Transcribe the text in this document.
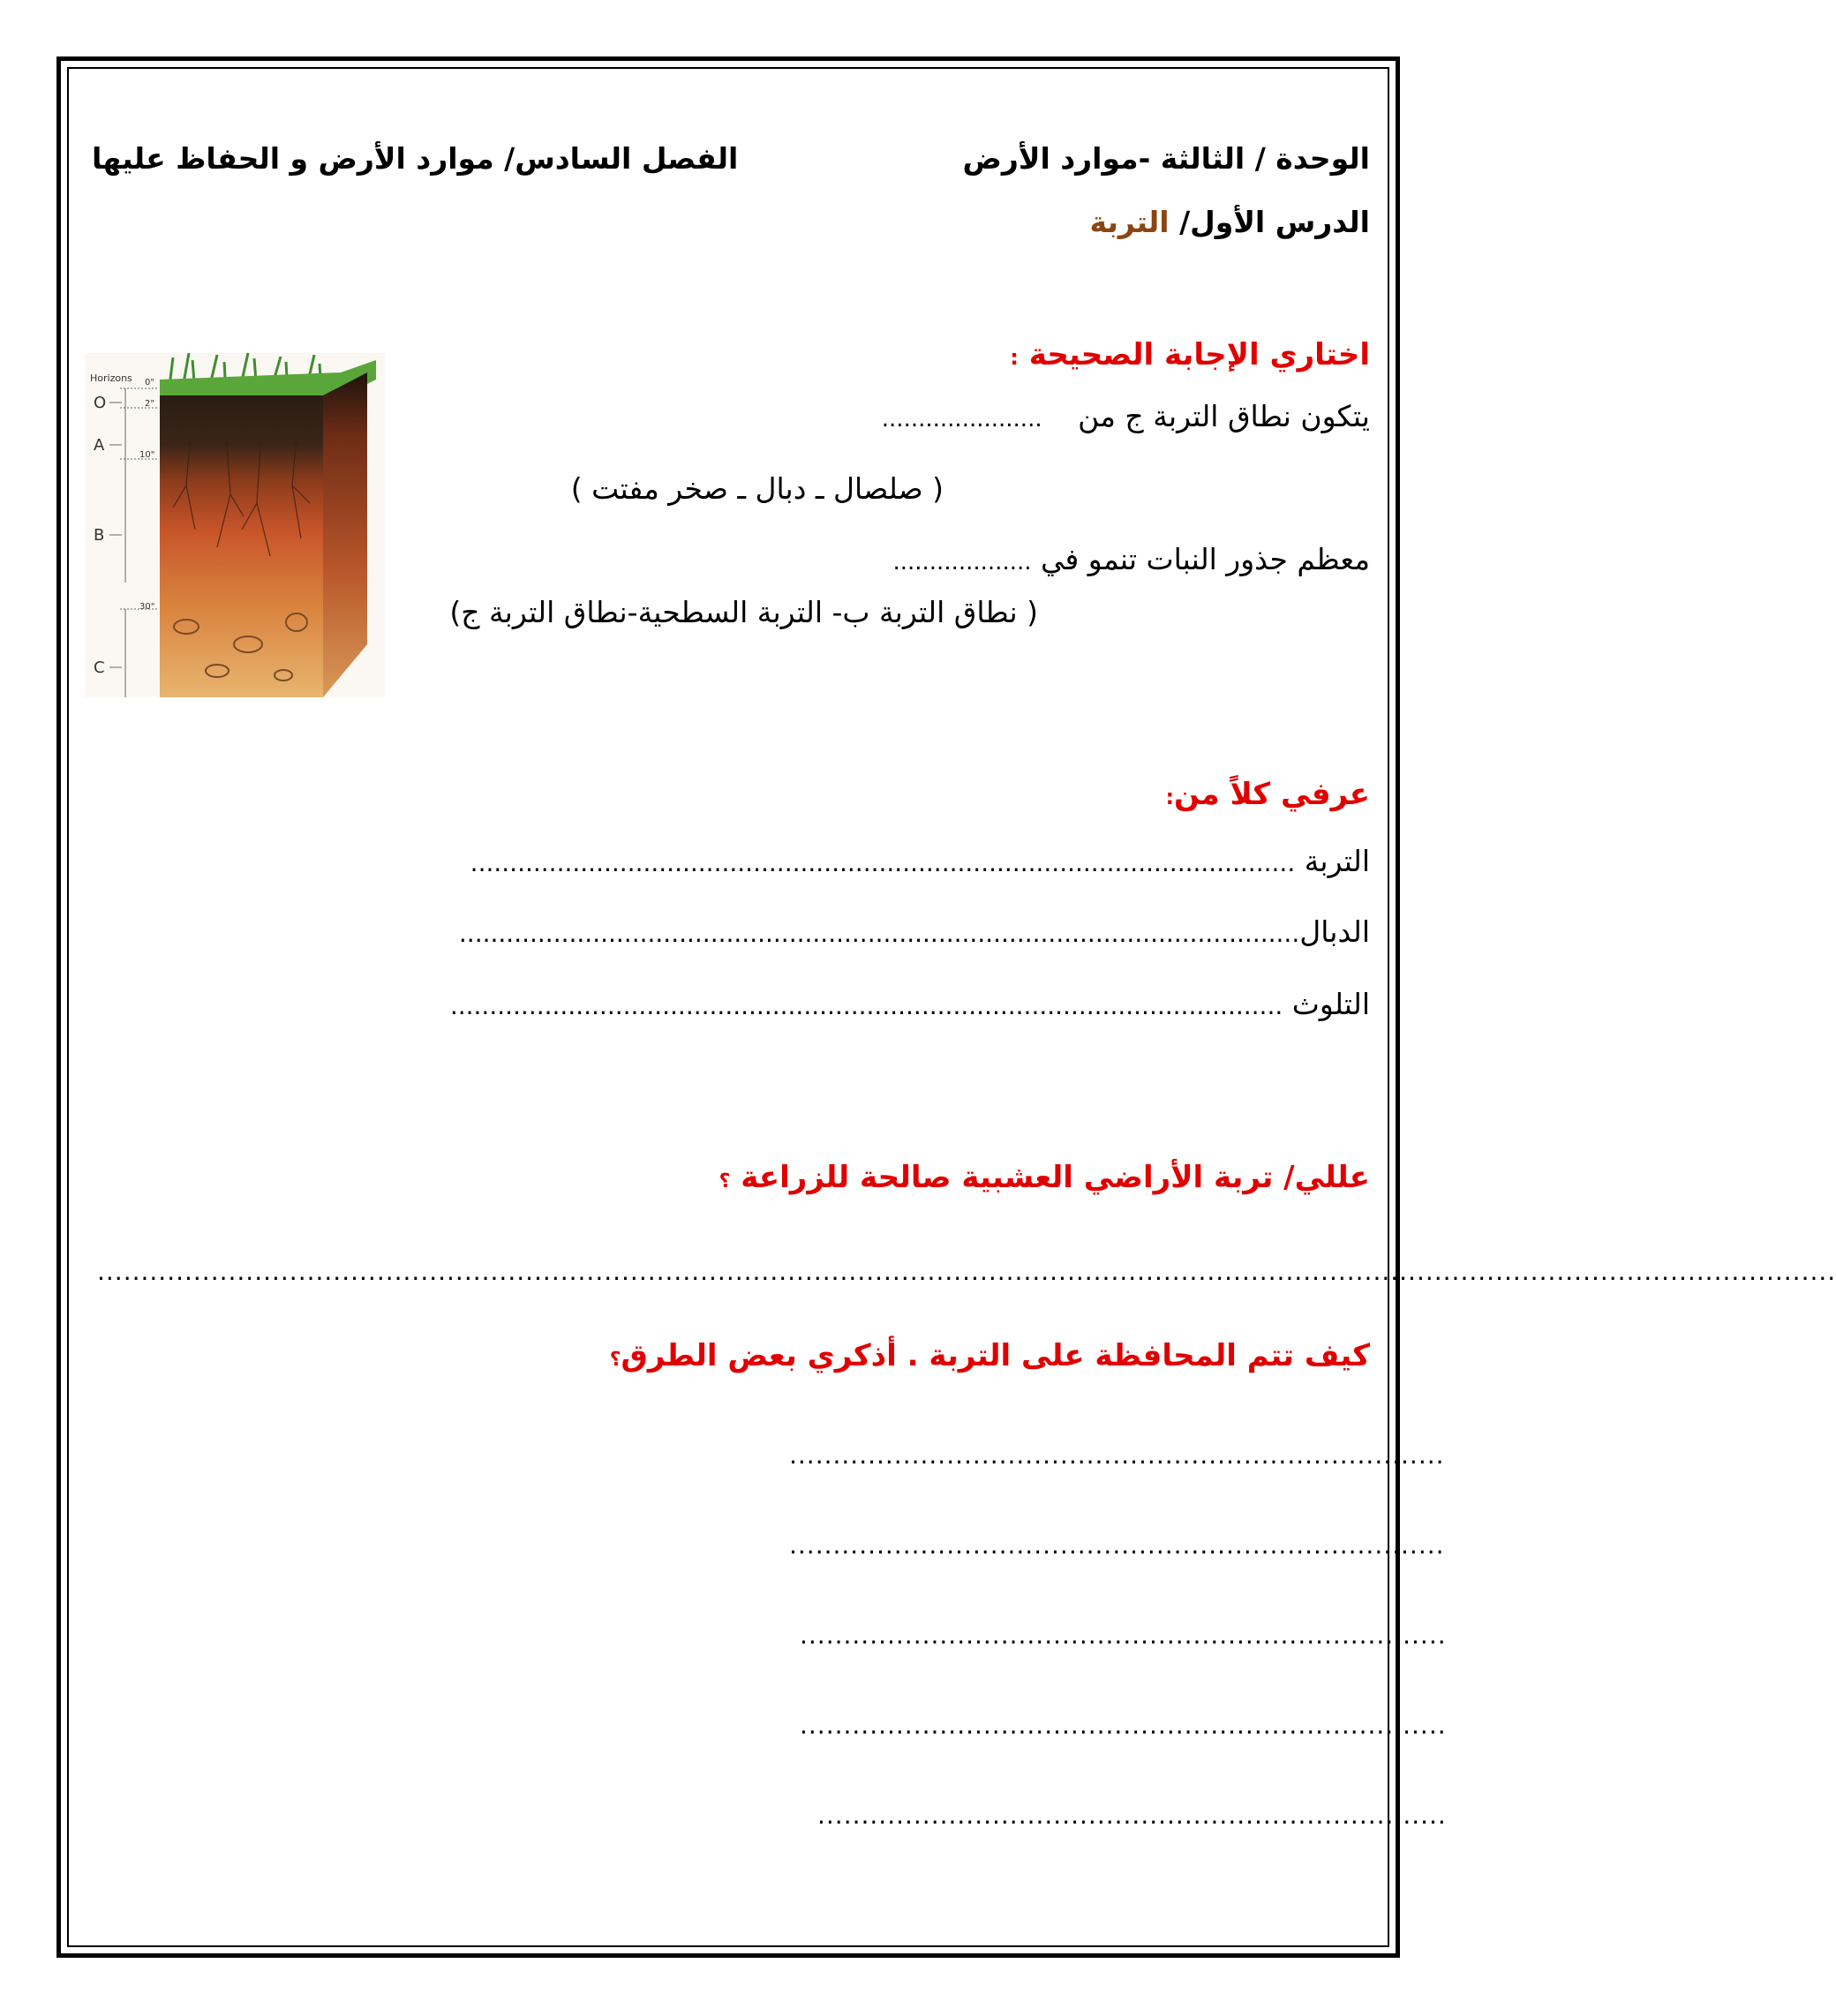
الوحدة / الثالثة -موارد الأرض
الفصل السادس/ موارد الأرض و الحفاظ عليها
الدرس الأول/ التربة
اختاري الإجابة الصحيحة :
يتكون نطاق التربة ج من ......................
( صلصال ـ دبال ـ صخر مفتت )
معظم جذور النبات تنمو في ...................
( نطاق التربة ب- التربة السطحية-نطاق التربة ج)
Horizons 0"
2"
10"
30"
O
A
B
C
عرفي كلاً من:
التربة .........................................................................................................
الدبال...........................................................................................................
التلوث ..........................................................................................................
عللي/ تربة الأراضي العشبية صالحة للزراعة ؟
.......................................................................................................................................................................................................
كيف تتم المحافظة على التربة . أذكري بعض الطرق؟
...........................................................................
...........................................................................
..........................................................................
..........................................................................
........................................................................
